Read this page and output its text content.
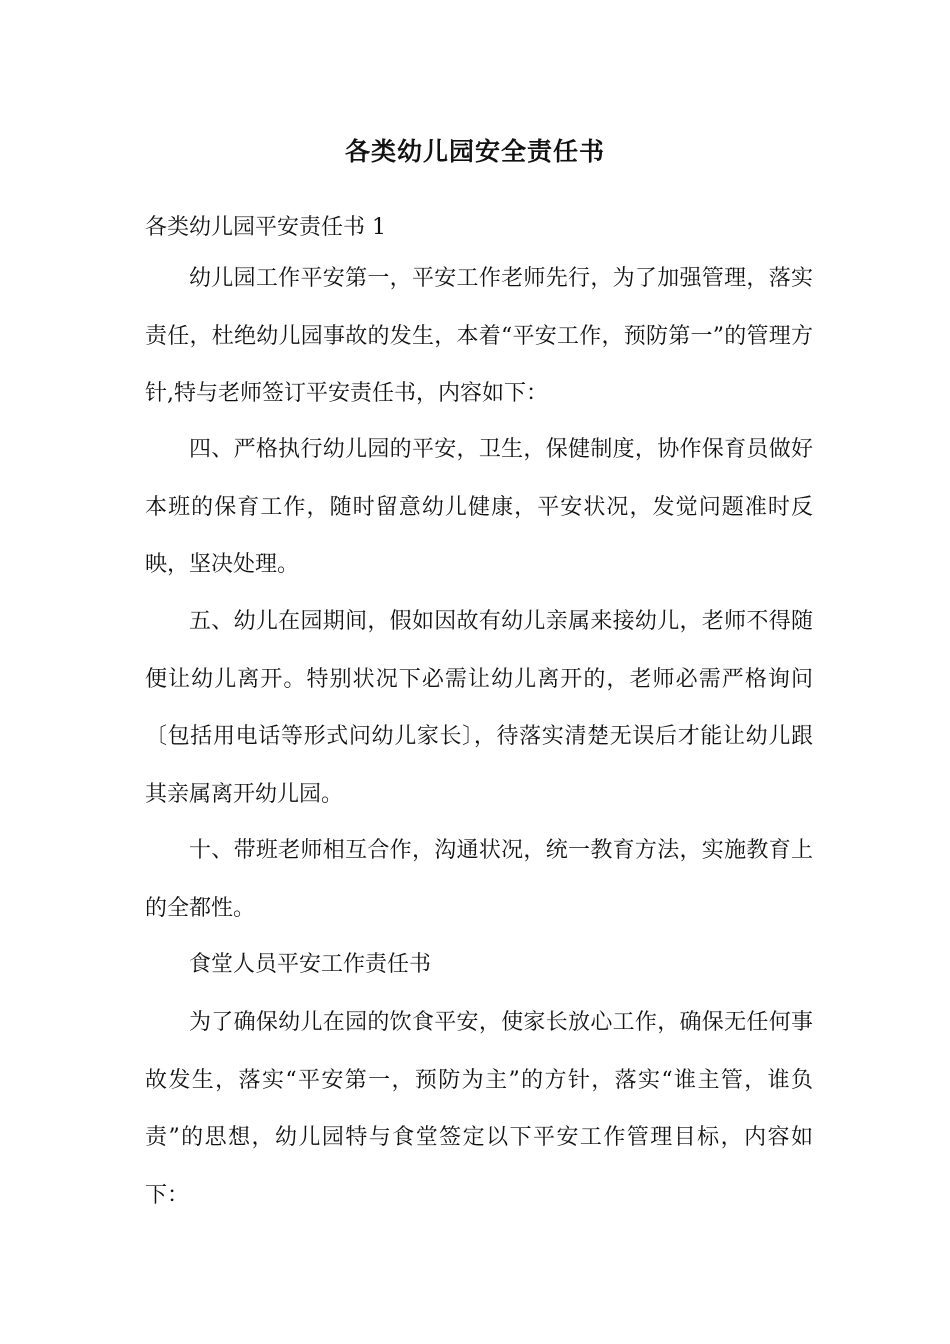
各类幼儿园安全责任书

各类幼儿园平安责任书 1

幼儿园工作平安第一，平安工作老师先行，为了加强管理，落实责任，杜绝幼儿园事故的发生，本着“平安工作，预防第一”的管理方针,特与老师签订平安责任书，内容如下：

四、严格执行幼儿园的平安，卫生，保健制度，协作保育员做好本班的保育工作，随时留意幼儿健康，平安状况，发觉问题准时反映，坚决处理。

五、幼儿在园期间，假如因故有幼儿亲属来接幼儿，老师不得随便让幼儿离开。特别状况下必需让幼儿离开的，老师必需严格询问〔包括用电话等形式问幼儿家长〕，待落实清楚无误后才能让幼儿跟其亲属离开幼儿园。

十、带班老师相互合作，沟通状况，统一教育方法，实施教育上的全都性。

食堂人员平安工作责任书

为了确保幼儿在园的饮食平安，使家长放心工作，确保无任何事故发生，落实“平安第一，预防为主”的方针，落实“谁主管，谁负责”的思想，幼儿园特与食堂签定以下平安工作管理目标，内容如下：
